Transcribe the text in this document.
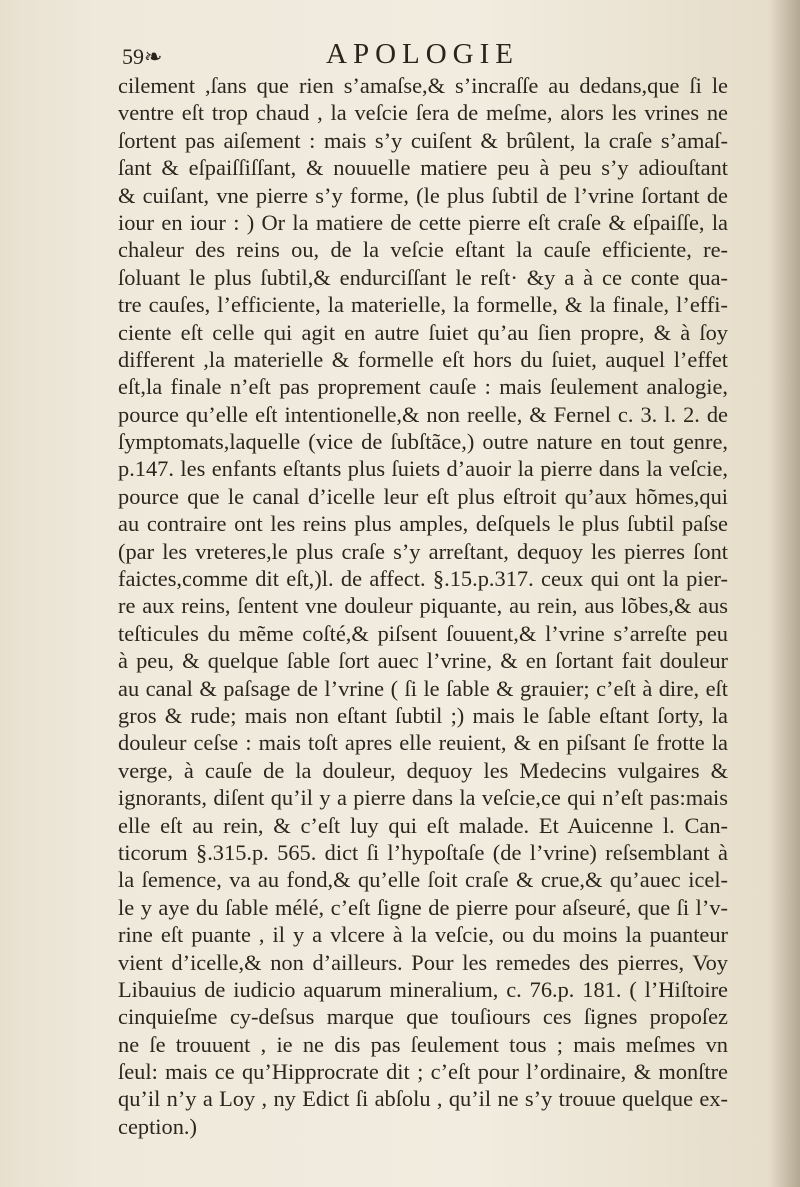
59❧	APOLOGIE
cilement ,ſans que rien s’amaſse,& s’incraſſe au dedans,que ſi le
ventre eſt trop chaud , la veſcie ſera de meſme, alors les vrines ne
ſortent pas aiſement : mais s’y cuiſent & brûlent, la craſe s’amaſ-
ſant & eſpaiſſiſſant, & nouuelle matiere peu à peu s’y adiouſtant
& cuiſant, vne pierre s’y forme, (le plus ſubtil de l’vrine ſortant de
iour en iour : ) Or la matiere de cette pierre eſt craſe & eſpaiſſe, la
chaleur des reins ou, de la veſcie eſtant la cauſe efficiente, re-
ſoluant le plus ſubtil,& endurciſſant le reſt· &y a à ce conte qua-
tre cauſes, l’efficiente, la materielle, la formelle, & la finale, l’effi-
ciente eſt celle qui agit en autre ſuiet qu’au ſien propre, & à ſoy
different ,la materielle & formelle eſt hors du ſuiet, auquel l’effet
eſt,la finale n’eſt pas proprement cauſe : mais ſeulement analogie,
pource qu’elle eſt intentionelle,& non reelle, & Fernel c. 3. l. 2. de
ſymptomats,laquelle (vice de ſubſtãce,) outre nature en tout genre,
p.147. les enfants eſtants plus ſuiets d’auoir la pierre dans la veſcie,
pource que le canal d’icelle leur eſt plus eſtroit qu’aux hõmes,qui
au contraire ont les reins plus amples, deſquels le plus ſubtil paſse
(par les vreteres,le plus craſe s’y arreſtant, dequoy les pierres ſont
faictes,comme dit eſt,)l. de affect. §.15.p.317. ceux qui ont la pier-
re aux reins, ſentent vne douleur piquante, au rein, aus lõbes,& aus
teſticules du mẽme coſté,& piſsent ſouuent,& l’vrine s’arreſte peu
à peu, & quelque ſable ſort auec l’vrine, & en ſortant fait douleur
au canal & paſsage de l’vrine ( ſi le ſable & grauier; c’eſt à dire, eſt
gros & rude; mais non eſtant ſubtil ;) mais le ſable eſtant ſorty, la
douleur ceſse : mais toſt apres elle reuient, & en piſsant ſe frotte la
verge, à cauſe de la douleur, dequoy les Medecins vulgaires &
ignorants, diſent qu’il y a pierre dans la veſcie,ce qui n’eſt pas:mais
elle eſt au rein, & c’eſt luy qui eſt malade. Et Auicenne l. Can-
ticorum §.315.p. 565. dict ſi l’hypoſtaſe (de l’vrine) reſsemblant à
la ſemence, va au fond,& qu’elle ſoit craſe & crue,& qu’auec icel-
le y aye du ſable mélé, c’eſt ſigne de pierre pour aſseuré, que ſi l’v-
rine eſt puante , il y a vlcere à la veſcie, ou du moins la puanteur
vient d’icelle,& non d’ailleurs. Pour les remedes des pierres, Voy
Libauius de iudicio aquarum mineralium, c. 76.p. 181. ( l’Hiſtoire
cinquieſme cy-deſsus marque que touſiours ces ſignes propoſez
ne ſe trouuent , ie ne dis pas ſeulement tous ; mais meſmes vn
ſeul: mais ce qu’Hipprocrate dit ; c’eſt pour l’ordinaire, & monſtre
qu’il n’y a Loy , ny Edict ſi abſolu , qu’il ne s’y trouue quelque ex-
ception.)
